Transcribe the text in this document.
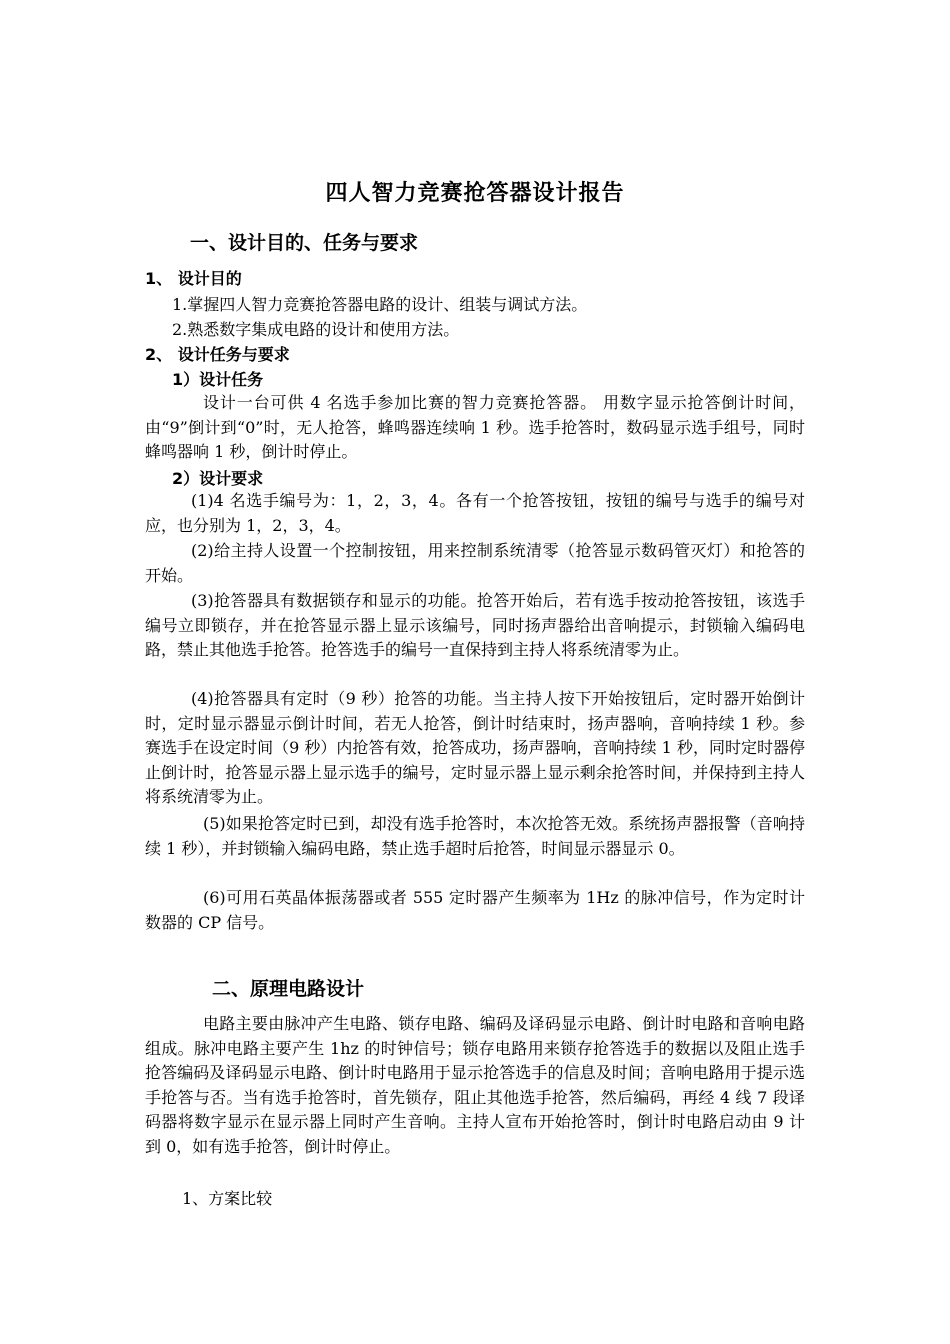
四人智力竞赛抢答器设计报告
一、设计目的、任务与要求
1、 设计目的
1.掌握四人智力竞赛抢答器电路的设计、组装与调试方法。
2.熟悉数字集成电路的设计和使用方法。
2、 设计任务与要求
1）设计任务

设计一台可供 4 名选手参加比赛的智力竞赛抢答器。 用数字显示抢答倒计时间，由“9”倒计到“0”时，无人抢答，蜂鸣器连续响 1 秒。选手抢答时，数码显示选手组号，同时蜂鸣器响 1 秒，倒计时停止。

2）设计要求

(1)4 名选手编号为：1，2，3，4。各有一个抢答按钮，按钮的编号与选手的编号对应，也分别为 1，2，3，4。

(2)给主持人设置一个控制按钮，用来控制系统清零（抢答显示数码管灭灯）和抢答的开始。

(3)抢答器具有数据锁存和显示的功能。抢答开始后，若有选手按动抢答按钮，该选手编号立即锁存，并在抢答显示器上显示该编号，同时扬声器给出音响提示，封锁输入编码电路，禁止其他选手抢答。抢答选手的编号一直保持到主持人将系统清零为止。

(4)抢答器具有定时（9 秒）抢答的功能。当主持人按下开始按钮后，定时器开始倒计时，定时显示器显示倒计时间，若无人抢答，倒计时结束时，扬声器响，音响持续 1 秒。参赛选手在设定时间（9 秒）内抢答有效，抢答成功，扬声器响，音响持续 1 秒，同时定时器停止倒计时，抢答显示器上显示选手的编号，定时显示器上显示剩余抢答时间，并保持到主持人将系统清零为止。

(5)如果抢答定时已到，却没有选手抢答时，本次抢答无效。系统扬声器报警（音响持续 1 秒），并封锁输入编码电路，禁止选手超时后抢答，时间显示器显示 0。

(6)可用石英晶体振荡器或者 555 定时器产生频率为 1Hz 的脉冲信号，作为定时计数器的 CP 信号。

二、原理电路设计

电路主要由脉冲产生电路、锁存电路、编码及译码显示电路、倒计时电路和音响电路组成。脉冲电路主要产生 1hz 的时钟信号；锁存电路用来锁存抢答选手的数据以及阻止选手抢答编码及译码显示电路、倒计时电路用于显示抢答选手的信息及时间；音响电路用于提示选手抢答与否。当有选手抢答时，首先锁存，阻止其他选手抢答，然后编码，再经 4 线 7 段译码器将数字显示在显示器上同时产生音响。主持人宣布开始抢答时，倒计时电路启动由 9 计到 0，如有选手抢答，倒计时停止。

1、方案比较
